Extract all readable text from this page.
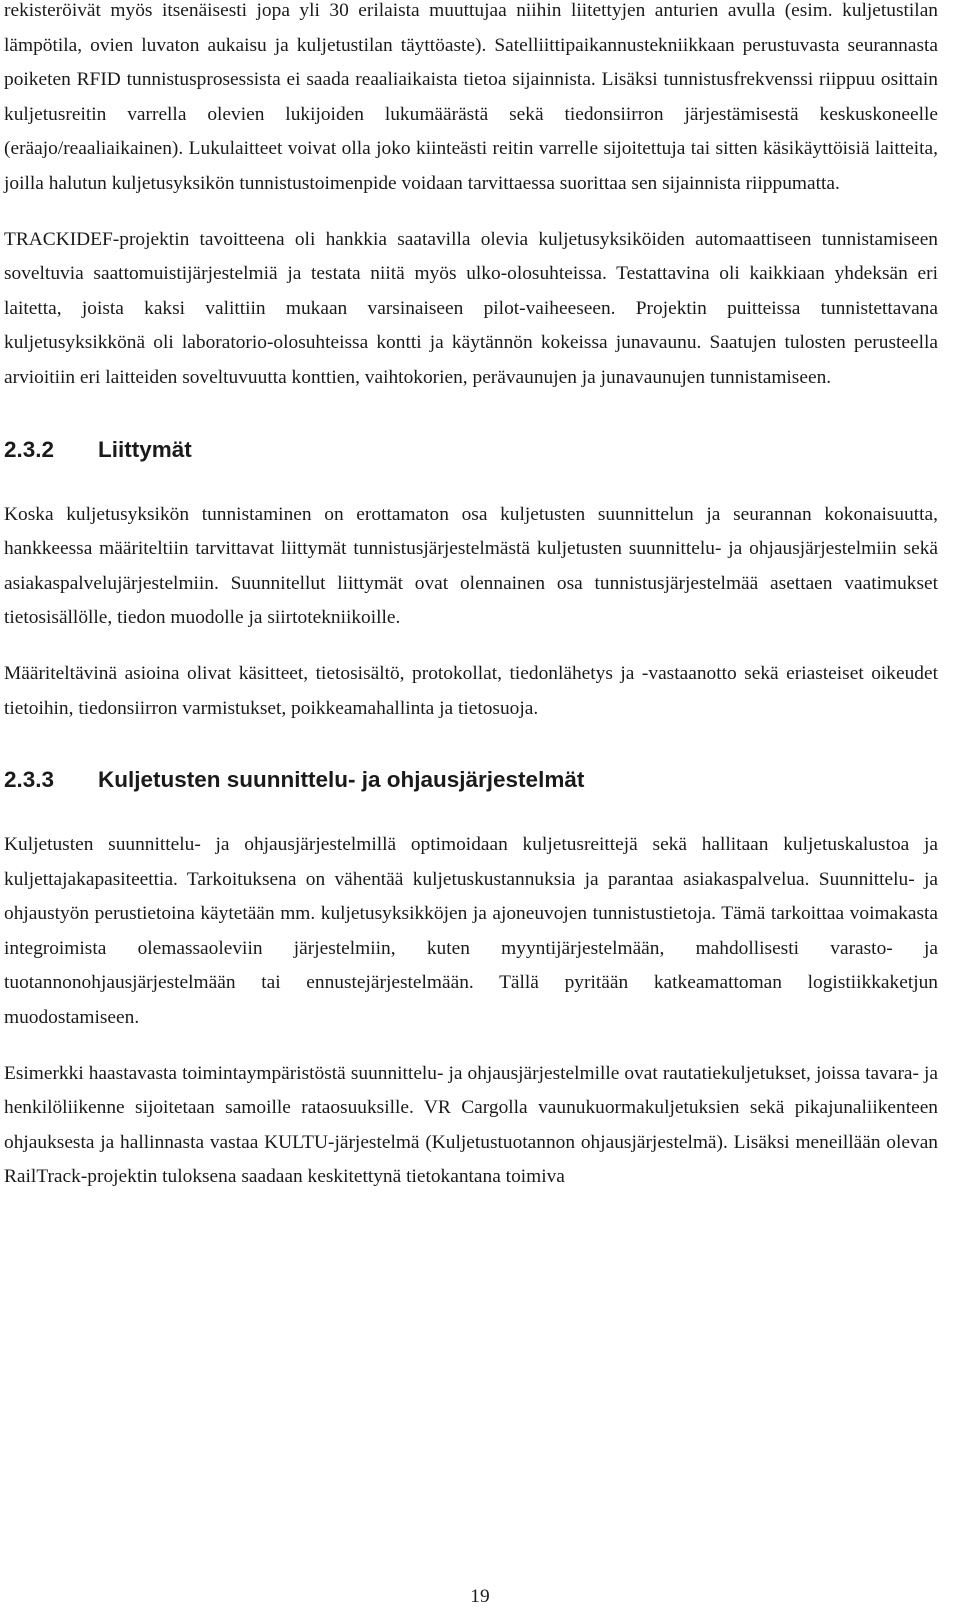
rekisteröivät myös itsenäisesti jopa yli 30 erilaista muuttujaa niihin liitettyjen anturien avulla (esim. kuljetustilan lämpötila, ovien luvaton aukaisu ja kuljetustilan täyttöaste). Satelliittipaikannustekniikkaan perustuvasta seurannasta poiketen RFID tunnistusprosessista ei saada reaaliaikaista tietoa sijainnista. Lisäksi tunnistusfrekvenssi riippuu osittain kuljetusreitin varrella olevien lukijoiden lukumäärästä sekä tiedonsiirron järjestämisestä keskuskoneelle (eräajo/reaaliaikainen). Lukulaitteet voivat olla joko kiinteästi reitin varrelle sijoitettuja tai sitten käsikäyttöisiä laitteita, joilla halutun kuljetusyksikön tunnistustoimenpide voidaan tarvittaessa suorittaa sen sijainnista riippumatta.

TRACKIDEF-projektin tavoitteena oli hankkia saatavilla olevia kuljetusyksiköiden automaattiseen tunnistamiseen soveltuvia saattomuistijärjestelmiä ja testata niitä myös ulko-olosuhteissa. Testattavina oli kaikkiaan yhdeksän eri laitetta, joista kaksi valittiin mukaan varsinaiseen pilot-vaiheeseen. Projektin puitteissa tunnistettavana kuljetusyksikkönä oli laboratorio-olosuhteissa kontti ja käytännön kokeissa junavaunu. Saatujen tulosten perusteella arvioitiin eri laitteiden soveltuvuutta konttien, vaihtokorien, perävaunujen ja junavaunujen tunnistamiseen.

2.3.2	Liittymät

Koska kuljetusyksikön tunnistaminen on erottamaton osa kuljetusten suunnittelun ja seurannan kokonaisuutta, hankkeessa määriteltiin tarvittavat liittymät tunnistusjärjestelmästä kuljetusten suunnittelu- ja ohjausjärjestelmiin sekä asiakaspalvelujärjestelmiin. Suunnitellut liittymät ovat olennainen osa tunnistusjärjestelmää asettaen vaatimukset tietosisällölle, tiedon muodolle ja siirtotekniikoille.

Määriteltävinä asioina olivat käsitteet, tietosisältö, protokollat, tiedonlähetys ja -vastaanotto sekä eriasteiset oikeudet tietoihin, tiedonsiirron varmistukset, poikkeamahallinta ja tietosuoja.

2.3.3	Kuljetusten suunnittelu- ja ohjausjärjestelmät

Kuljetusten suunnittelu- ja ohjausjärjestelmillä optimoidaan kuljetusreittejä sekä hallitaan kuljetuskalustoa ja kuljettajakapasiteettia. Tarkoituksena on vähentää kuljetuskustannuksia ja parantaa asiakaspalvelua. Suunnittelu- ja ohjaustyön perustietoina käytetään mm. kuljetusyksikköjen ja ajoneuvojen tunnistustietoja. Tämä tarkoittaa voimakasta integroimista olemassaoleviin järjestelmiin, kuten myyntijärjestelmään, mahdollisesti varasto- ja tuotannonohjausjärjestelmään tai ennustejärjestelmään. Tällä pyritään katkeamattoman logistiikkaketjun muodostamiseen.

Esimerkki haastavasta toimintaympäristöstä suunnittelu- ja ohjausjärjestelmille ovat rautatiekuljetukset, joissa tavara- ja henkilöliikenne sijoitetaan samoille rataosuuksille. VR Cargolla vaunukuormakuljetuksien sekä pikajunaliikenteen ohjauksesta ja hallinnasta vastaa KULTU-järjestelmä (Kuljetustuotannon ohjausjärjestelmä). Lisäksi meneillään olevan RailTrack-projektin tuloksena saadaan keskitettynä tietokantana toimiva

19
